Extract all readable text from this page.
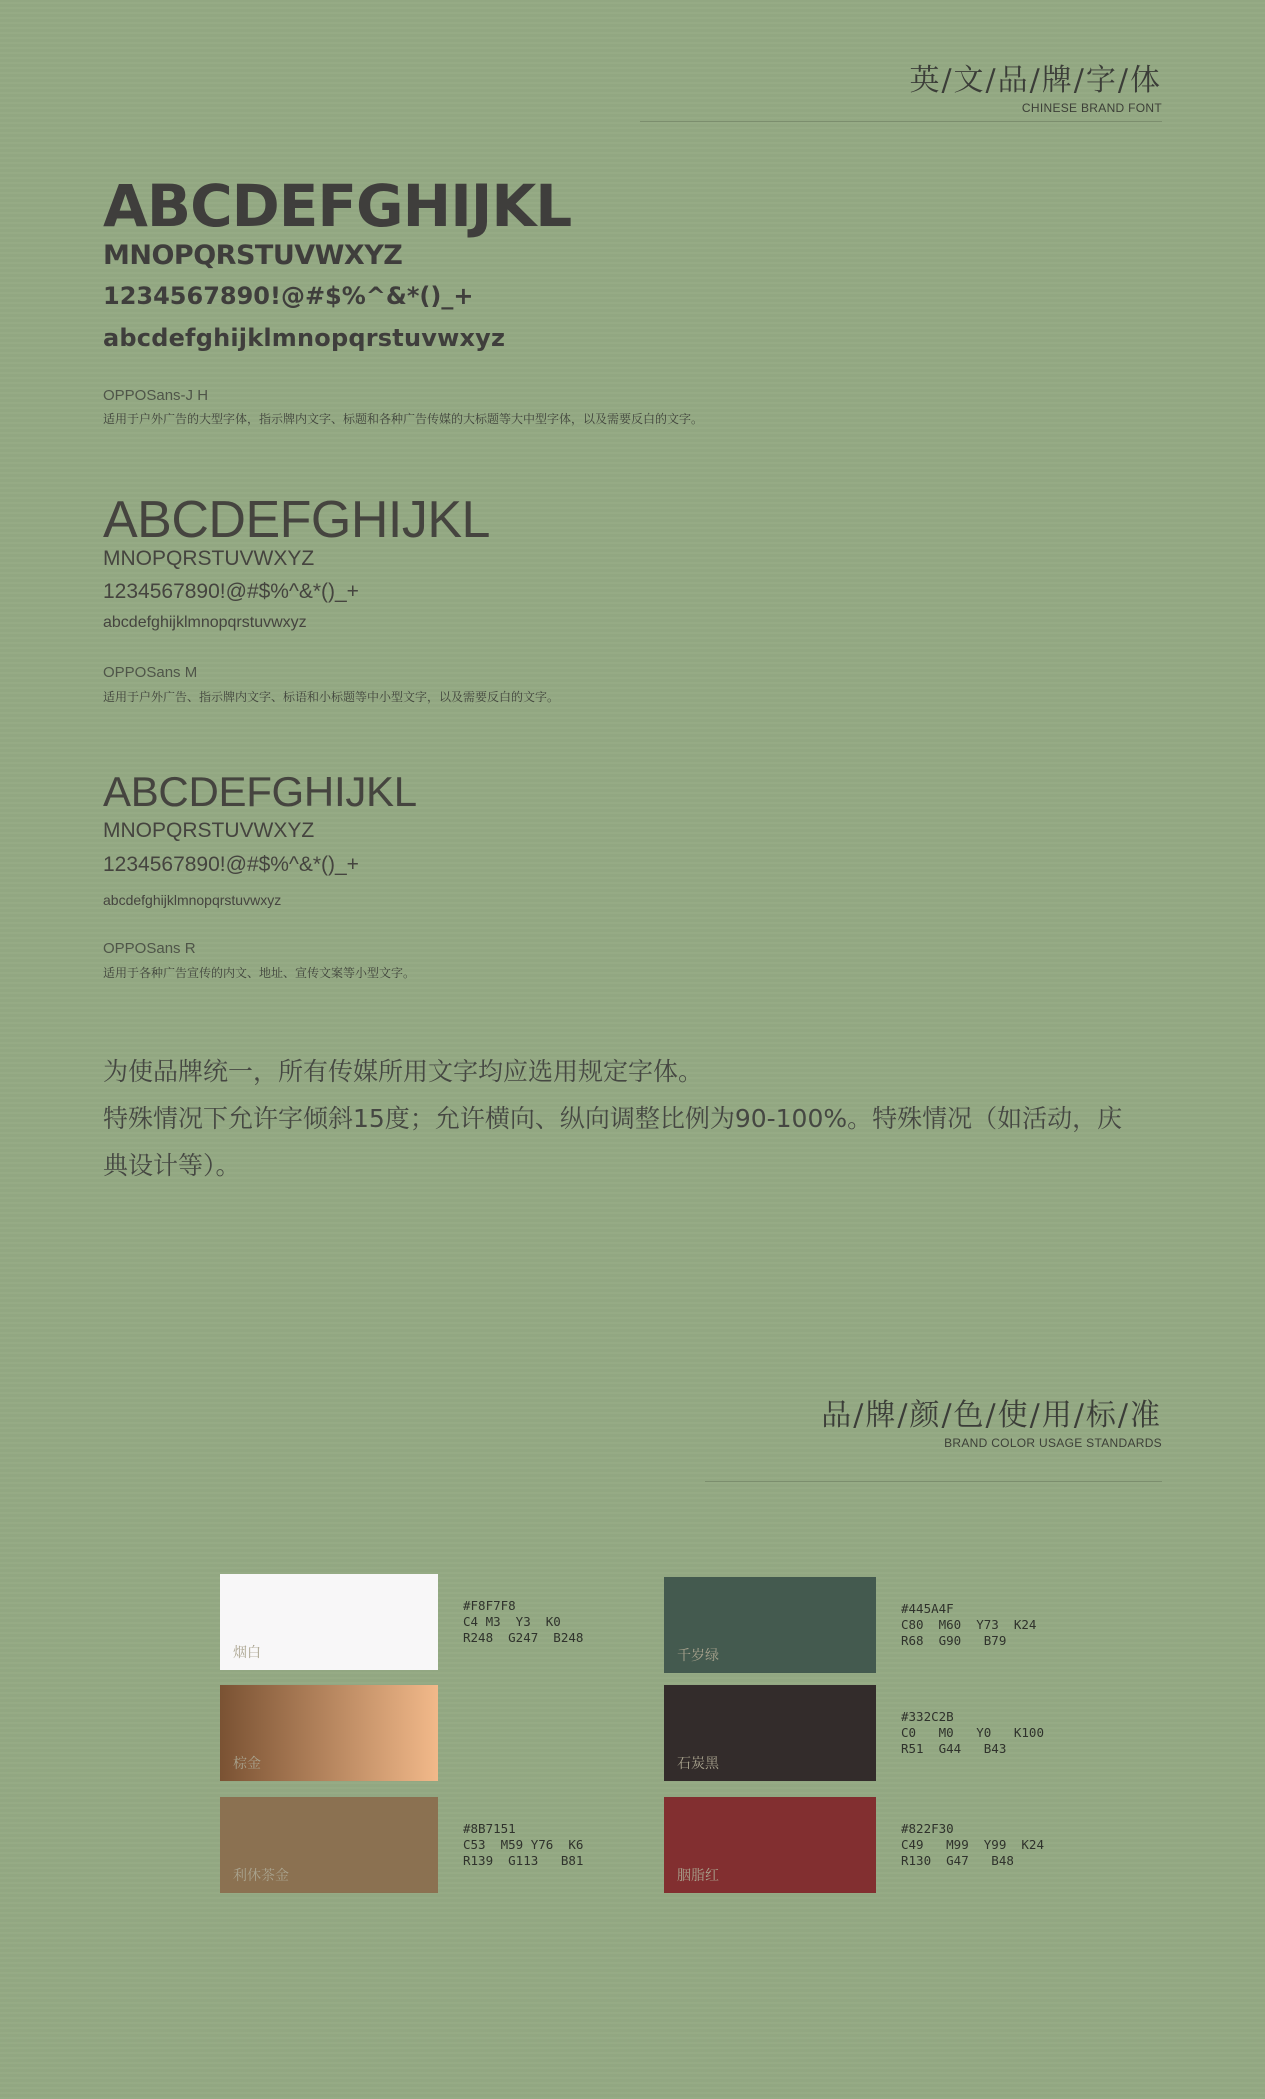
英/文/品/牌/字/体
CHINESE BRAND FONT
ABCDEFGHIJKL
MNOPQRSTUVWXYZ
1234567890!@#$%^&*()_+
abcdefghijklmnopqrstuvwxyz
OPPOSans-J H
适用于户外广告的大型字体，指示牌内文字、标题和各种广告传媒的大标题等大中型字体，以及需要反白的文字。
ABCDEFGHIJKL
MNOPQRSTUVWXYZ
1234567890!@#$%^&*()_+
abcdefghijklmnopqrstuvwxyz
OPPOSans M
适用于户外广告、指示牌内文字、标语和小标题等中小型文字，以及需要反白的文字。
ABCDEFGHIJKL
MNOPQRSTUVWXYZ
1234567890!@#$%^&*()_+
abcdefghijklmnopqrstuvwxyz
OPPOSans R
适用于各种广告宣传的内文、地址、宣传文案等小型文字。
为使品牌统一，所有传媒所用文字均应选用规定字体。
特殊情况下允许字倾斜15度；允许横向、纵向调整比例为90-100%。特殊情况（如活动，庆
典设计等）。
品/牌/颜/色/使/用/标/准
BRAND COLOR USAGE STANDARDS
烟白
#F8F7F8
C4 M3  Y3  K0
R248  G247  B248
千岁绿
#445A4F
C80  M60  Y73  K24
R68  G90   B79
棕金	石炭黑
#332C2B
C0   M0   Y0   K100
R51  G44   B43
利休茶金
#8B7151
C53  M59 Y76  K6
R139  G113   B81
胭脂红
#822F30
C49   M99  Y99  K24
R130  G47   B48
